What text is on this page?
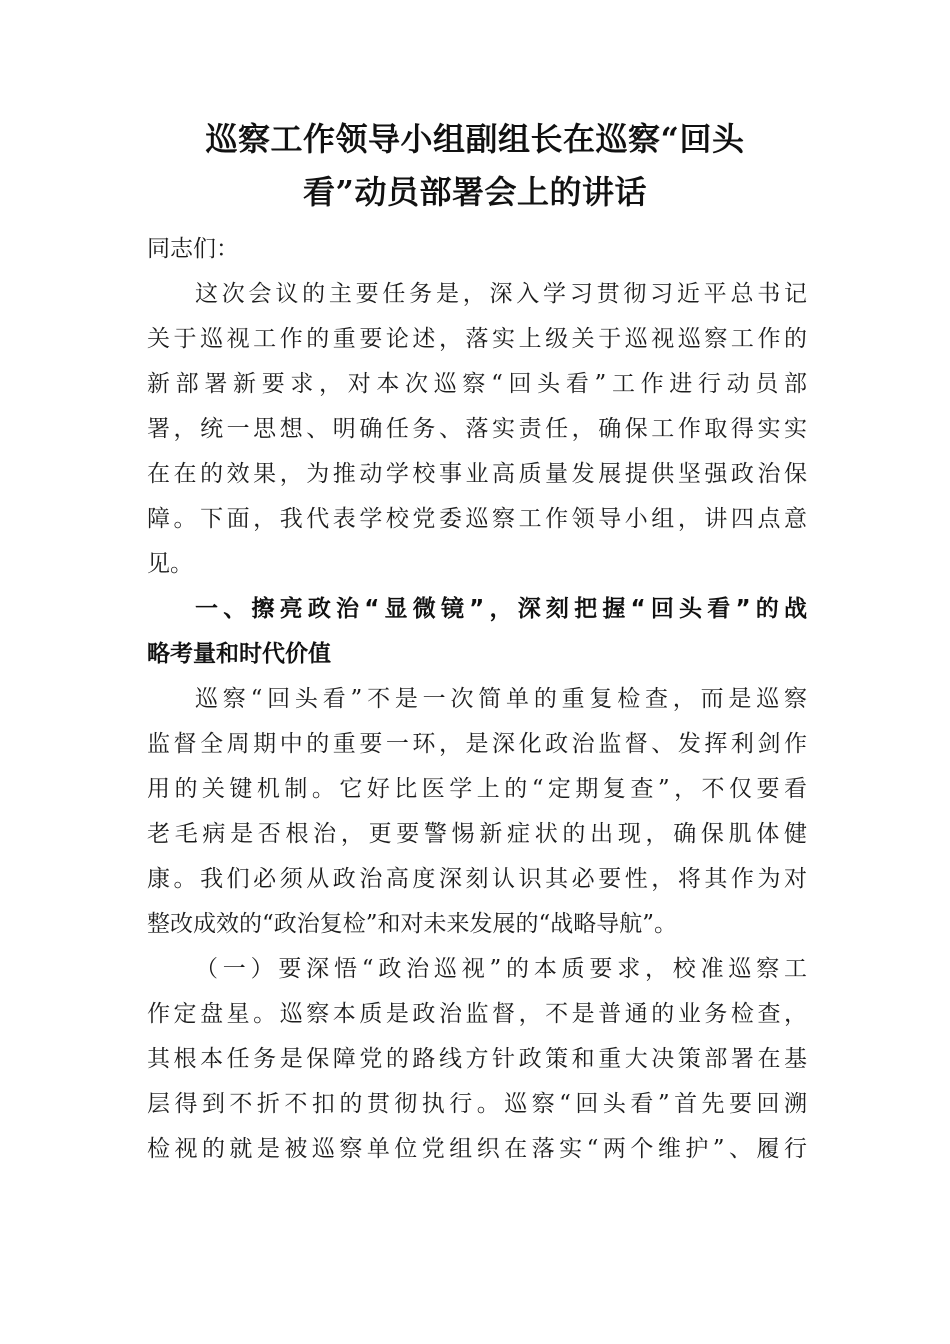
巡察工作领导小组副组长在巡察“回头
看”动员部署会上的讲话
同志们：
这次会议的主要任务是，深入学习贯彻习近平总书记
关于巡视工作的重要论述，落实上级关于巡视巡察工作的
新部署新要求，对本次巡察“回头看”工作进行动员部
署，统一思想、明确任务、落实责任，确保工作取得实实
在在的效果，为推动学校事业高质量发展提供坚强政治保
障。下面，我代表学校党委巡察工作领导小组，讲四点意
见。
一、擦亮政治“显微镜”，深刻把握“回头看”的战
略考量和时代价值
巡察“回头看”不是一次简单的重复检查，而是巡察
监督全周期中的重要一环，是深化政治监督、发挥利剑作
用的关键机制。它好比医学上的“定期复查”，不仅要看
老毛病是否根治，更要警惕新症状的出现，确保肌体健
康。我们必须从政治高度深刻认识其必要性，将其作为对
整改成效的“政治复检”和对未来发展的“战略导航”。
（一）要深悟“政治巡视”的本质要求，校准巡察工
作定盘星。巡察本质是政治监督，不是普通的业务检查，
其根本任务是保障党的路线方针政策和重大决策部署在基
层得到不折不扣的贯彻执行。巡察“回头看”首先要回溯
检视的就是被巡察单位党组织在落实“两个维护”、履行
